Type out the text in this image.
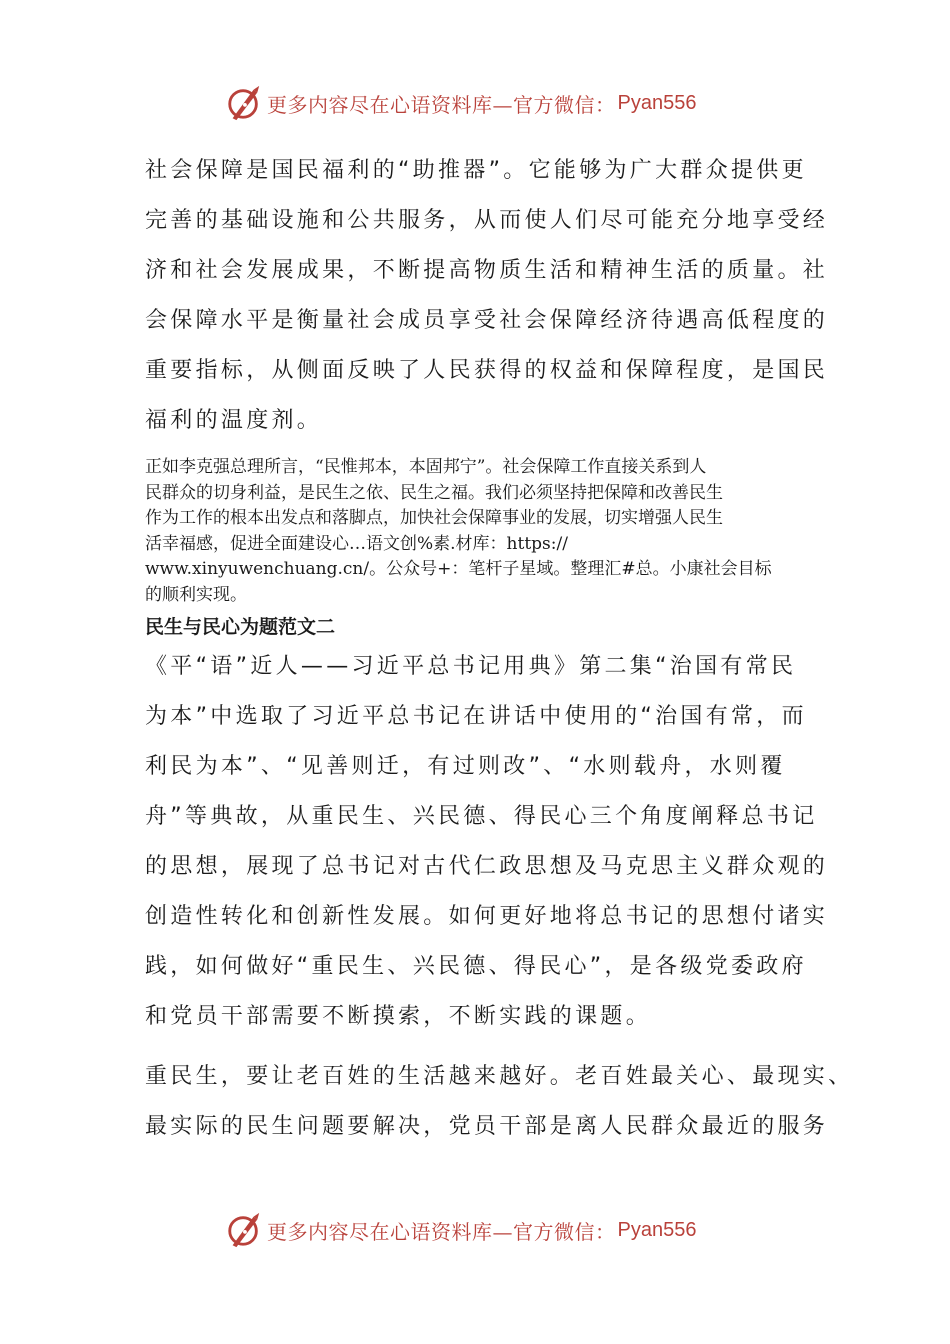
更多内容尽在心语资料库—官方微信： Pyan556
社会保障是国民福利的“助推器”。它能够为广大群众提供更
完善的基础设施和公共服务，从而使人们尽可能充分地享受经
济和社会发展成果，不断提高物质生活和精神生活的质量。社
会保障水平是衡量社会成员享受社会保障经济待遇高低程度的
重要指标，从侧面反映了人民获得的权益和保障程度，是国民
福利的温度剂。
正如李克强总理所言，“民惟邦本，本固邦宁”。社会保障工作直接关系到人
民群众的切身利益，是民生之依、民生之福。我们必须坚持把保障和改善民生
作为工作的根本出发点和落脚点，加快社会保障事业的发展，切实增强人民生
活幸福感，促进全面建设心…语文创%素.材库：https://
www.xinyuwenchuang.cn/。公众号+：笔杆子星域。整理汇#总。小康社会目标
的顺利实现。
民生与民心为题范文二
《平“语”近人——习近平总书记用典》第二集“治国有常民
为本”中选取了习近平总书记在讲话中使用的“治国有常，而
利民为本”、“见善则迁，有过则改”、“水则载舟，水则覆
舟”等典故，从重民生、兴民德、得民心三个角度阐释总书记
的思想，展现了总书记对古代仁政思想及马克思主义群众观的
创造性转化和创新性发展。如何更好地将总书记的思想付诸实
践，如何做好“重民生、兴民德、得民心”，是各级党委政府
和党员干部需要不断摸索，不断实践的课题。
重民生，要让老百姓的生活越来越好。老百姓最关心、最现实、
最实际的民生问题要解决，党员干部是离人民群众最近的服务
更多内容尽在心语资料库—官方微信： Pyan556
